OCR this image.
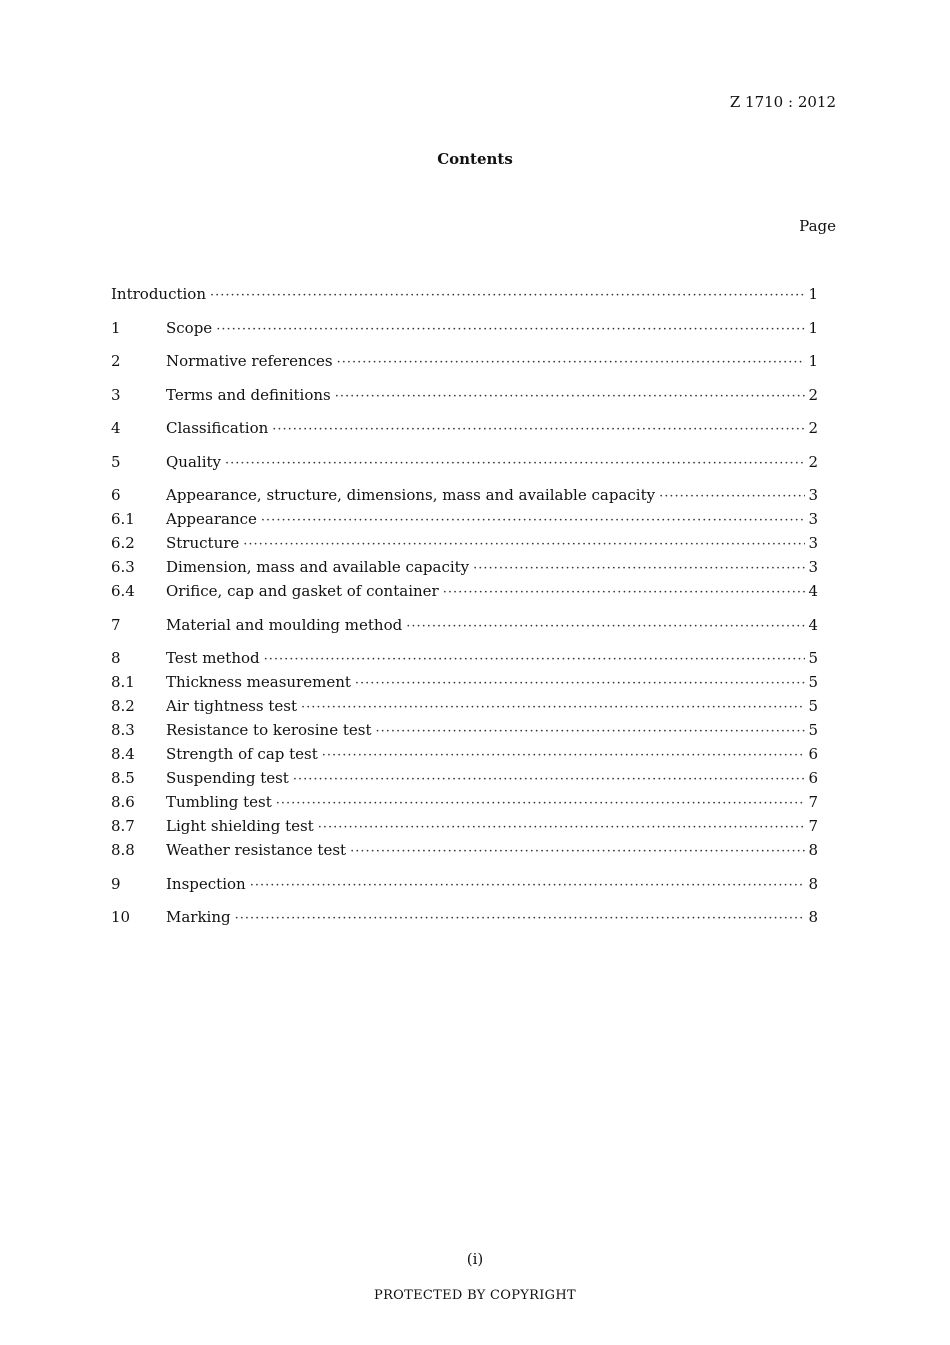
Z 1710 : 2012
Contents
Page
Introduction ·····	1
1	Scope ·····	1
2	Normative references ·····	1
3	Terms and definitions ·····	2
4	Classification ·····	2
5	Quality ·····	2
6	Appearance, structure, dimensions, mass and available capacity ·····	3
6.1	Appearance ·····	3
6.2	Structure ·····	3
6.3	Dimension, mass and available capacity ·····	3
6.4	Orifice, cap and gasket of container ·····	4
7	Material and moulding method ·····	4
8	Test method ·····	5
8.1	Thickness measurement ·····	5
8.2	Air tightness test ·····	5
8.3	Resistance to kerosine test ·····	5
8.4	Strength of cap test ·····	6
8.5	Suspending test ·····	6
8.6	Tumbling test ·····	7
8.7	Light shielding test ·····	7
8.8	Weather resistance test ·····	8
9	Inspection ·····	8
10	Marking ·····	8
(i)
PROTECTED BY COPYRIGHT
